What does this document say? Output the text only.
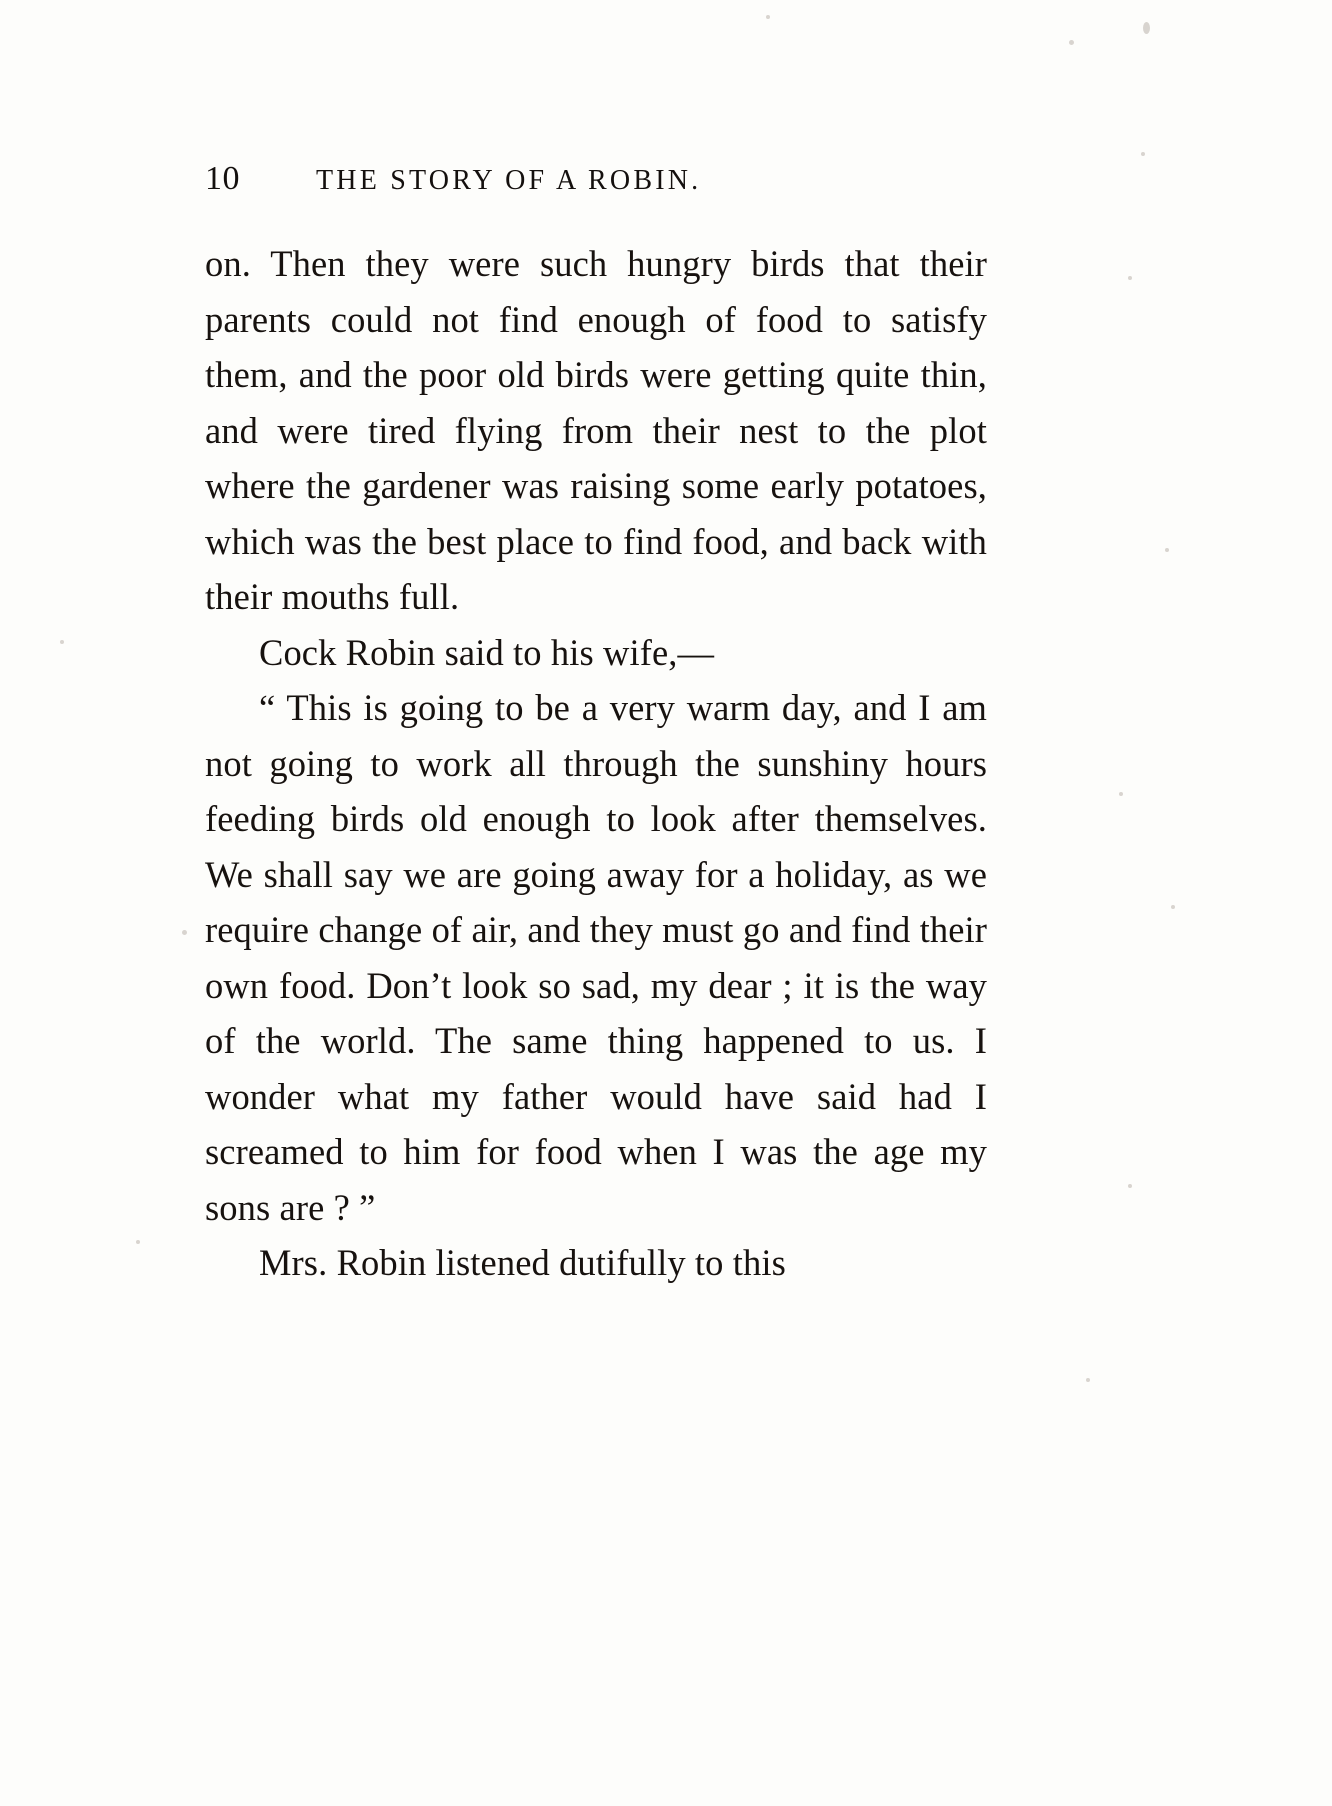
10	THE STORY OF A ROBIN.

on. Then they were such hungry birds that their parents could not find enough of food to satisfy them, and the poor old birds were getting quite thin, and were tired flying from their nest to the plot where the gardener was raising some early potatoes, which was the best place to find food, and back with their mouths full.

Cock Robin said to his wife,—

“ This is going to be a very warm day, and I am not going to work all through the sunshiny hours feeding birds old enough to look after themselves. We shall say we are going away for a holiday, as we require change of air, and they must go and find their own food. Don’t look so sad, my dear ; it is the way of the world. The same thing happened to us. I wonder what my father would have said had I screamed to him for food when I was the age my sons are ? ”

Mrs. Robin listened dutifully to this
